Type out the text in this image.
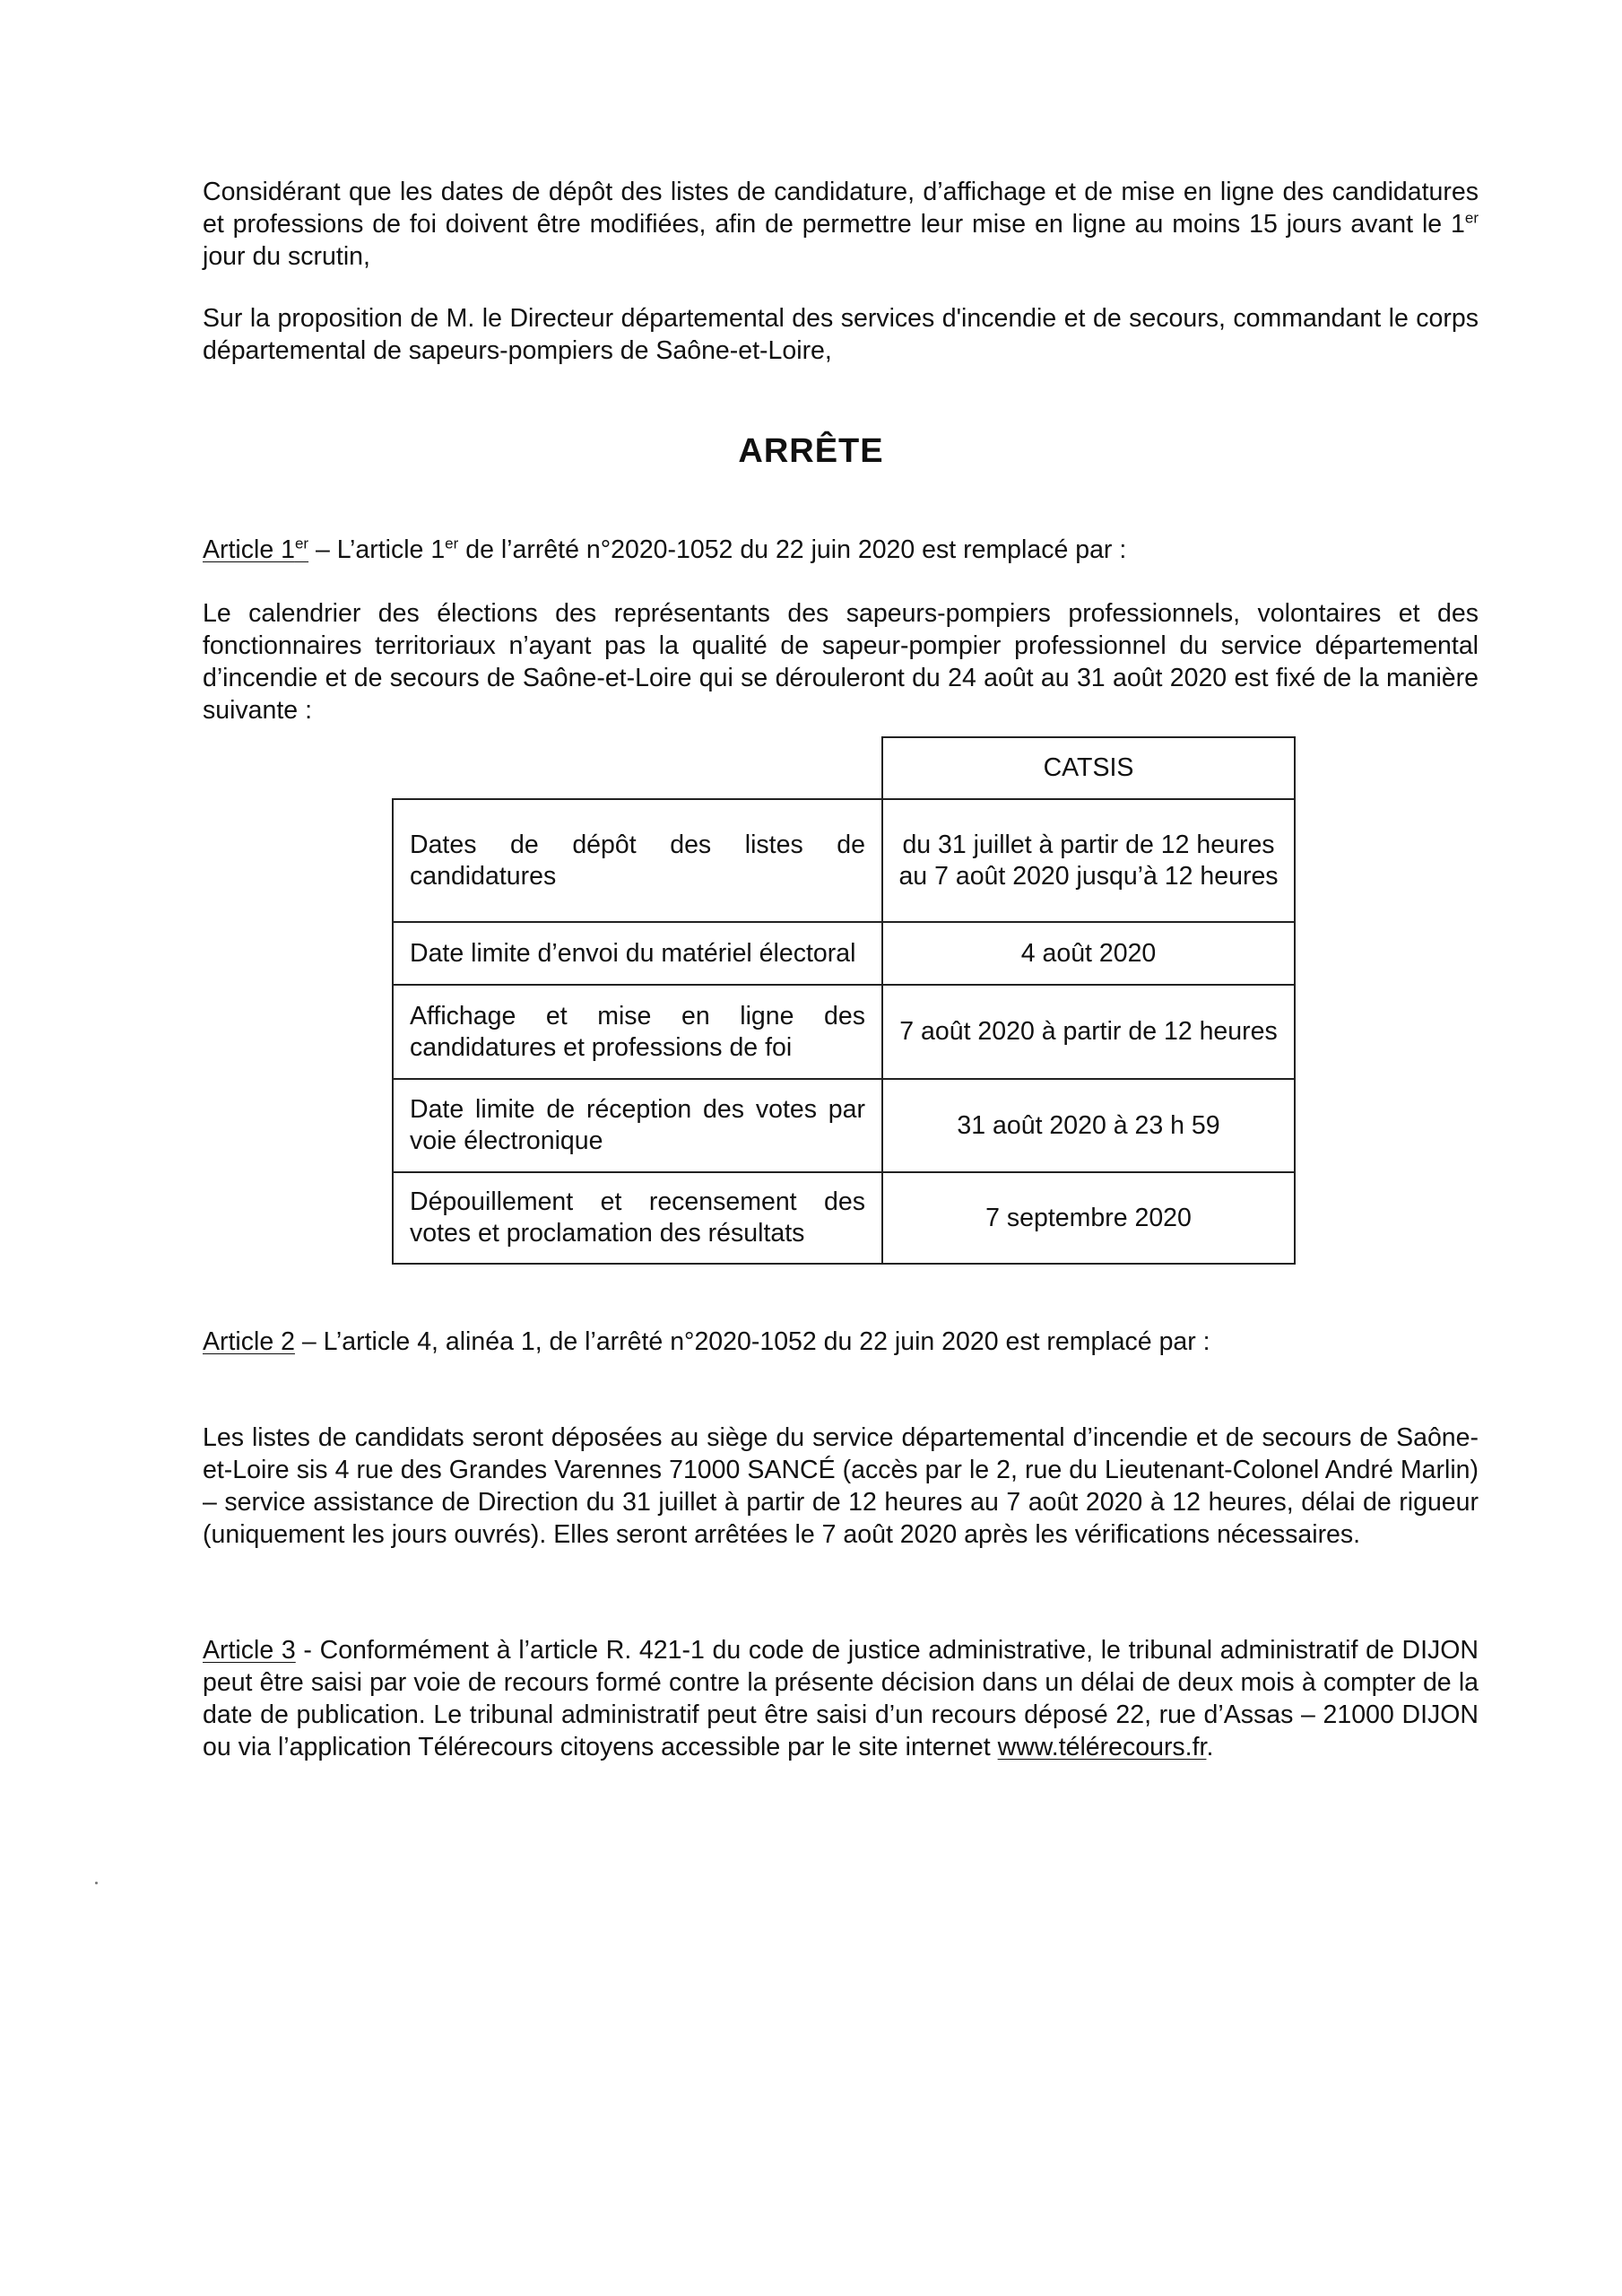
Considérant que les dates de dépôt des listes de candidature, d’affichage et de mise en ligne des candidatures et professions de foi doivent être modifiées, afin de permettre leur mise en ligne au moins 15 jours avant le 1er jour du scrutin,

Sur la proposition de M. le Directeur départemental des services d'incendie et de secours, commandant le corps départemental de sapeurs-pompiers de Saône-et-Loire,

ARRÊTE

Article 1er – L’article 1er de l’arrêté n°2020-1052 du 22 juin 2020 est remplacé par :

Le calendrier des élections des représentants des sapeurs-pompiers professionnels, volontaires et des fonctionnaires territoriaux n’ayant pas la qualité de sapeur-pompier professionnel du service départemental d’incendie et de secours de Saône-et-Loire qui se dérouleront du 24 août au 31 août 2020 est fixé de la manière suivante :

CATSIS
Dates de dépôt des listes de candidatures
du 31 juillet à partir de 12 heures au 7 août 2020 jusqu’à 12 heures
Date limite d’envoi du matériel électoral	4 août 2020
Affichage et mise en ligne des candidatures et professions de foi
7 août 2020 à partir de 12 heures
Date limite de réception des votes par voie électronique
31 août 2020 à 23 h 59
Dépouillement et recensement des votes et proclamation des résultats
7 septembre 2020

Article 2 – L’article 4, alinéa 1, de l’arrêté n°2020-1052 du 22 juin 2020 est remplacé par :

Les listes de candidats seront déposées au siège du service départemental d’incendie et de secours de Saône-et-Loire sis 4 rue des Grandes Varennes 71000 SANCÉ (accès par le 2, rue du Lieutenant-Colonel André Marlin) – service assistance de Direction du 31 juillet à partir de 12 heures au 7 août 2020 à 12 heures, délai de rigueur (uniquement les jours ouvrés). Elles seront arrêtées le 7 août 2020 après les vérifications nécessaires.

Article 3 - Conformément à l’article R. 421-1 du code de justice administrative, le tribunal administratif de DIJON peut être saisi par voie de recours formé contre la présente décision dans un délai de deux mois à compter de la date de publication. Le tribunal administratif peut être saisi d’un recours déposé 22, rue d’Assas – 21000 DIJON ou via l’application Télérecours citoyens accessible par le site internet www.télérecours.fr.
